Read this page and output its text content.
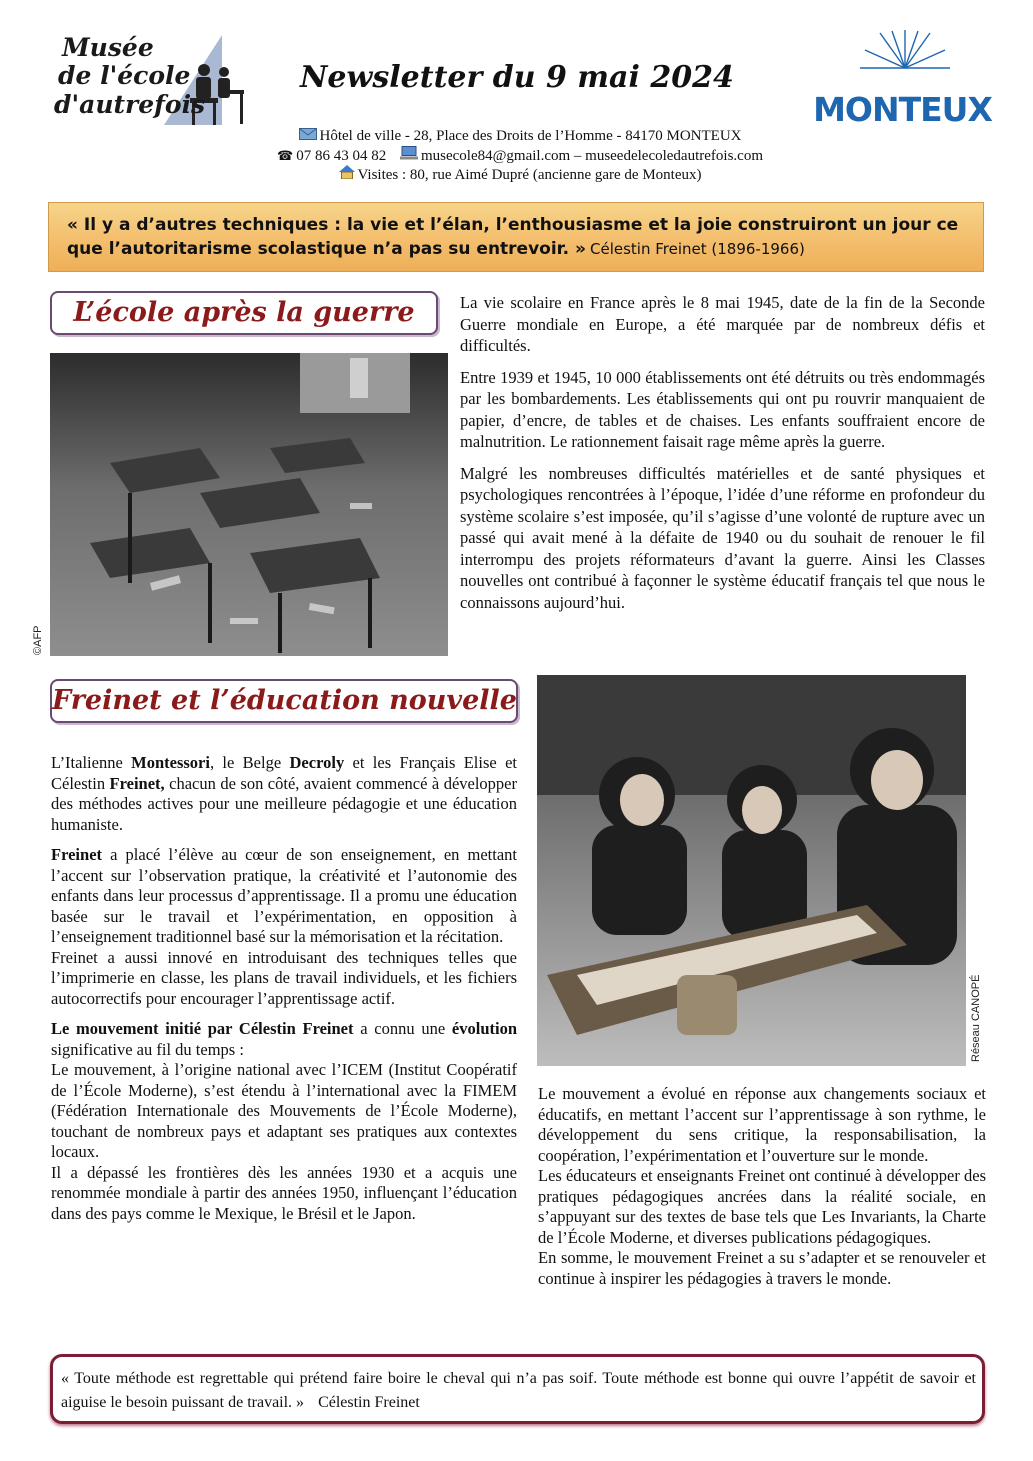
Musée
de l'école
d'autrefois
Newsletter du 9 mai 2024
MONTEUX
Hôtel de ville - 28, Place des Droits de l’Homme - 84170 MONTEUX
☎ 07 86 43 04 82 musecole84@gmail.com – museedelecoledautrefois.com
Visites : 80, rue Aimé Dupré (ancienne gare de Monteux)
« Il y a d’autres techniques : la vie et l’élan, l’enthousiasme et la joie construiront un jour ce que l’autoritarisme scolastique n’a pas su entrevoir. » Célestin Freinet (1896-1966)
L’école après la guerre
©AFP

La vie scolaire en France après le 8 mai 1945, date de la fin de la Seconde Guerre mondiale en Europe, a été marquée par de nombreux défis et difficultés.

Entre 1939 et 1945, 10 000 établissements ont été détruits ou très endommagés par les bombardements. Les établissements qui ont pu rouvrir manquaient de papier, d’encre, de tables et de chaises. Les enfants souffraient encore de malnutrition. Le rationnement faisait rage même après la guerre.

Malgré les nombreuses difficultés matérielles et de santé physiques et psychologiques rencontrées à l’époque, l’idée d’une réforme en profondeur du système scolaire s’est imposée, qu’il s’agisse d’une volonté de rupture avec un passé qui avait mené à la défaite de 1940 ou du souhait de renouer le fil interrompu des projets réformateurs d’avant la guerre. Ainsi les Classes nouvelles ont contribué à façonner le système éducatif français tel que nous le connaissons aujourd’hui.

Freinet et l’éducation nouvelle
Réseau CANOPÉ

L’Italienne Montessori, le Belge Decroly et les Français Elise et Célestin Freinet, chacun de son côté, avaient commencé à développer des méthodes actives pour une meilleure pédagogie et une éducation humaniste.

Freinet a placé l’élève au cœur de son enseignement, en mettant l’accent sur l’observation pratique, la créativité et l’autonomie des enfants dans leur processus d’apprentissage. Il a promu une éducation basée sur le travail et l’expérimentation, en opposition à l’enseignement traditionnel basé sur la mémorisation et la récitation.

Freinet a aussi innové en introduisant des techniques telles que l’imprimerie en classe, les plans de travail individuels, et les fichiers autocorrectifs pour encourager l’apprentissage actif.

Le mouvement initié par Célestin Freinet a connu une évolution significative au fil du temps :

Le mouvement, à l’origine national avec l’ICEM (Institut Coopératif de l’École Moderne), s’est étendu à l’international avec la FIMEM (Fédération Internationale des Mouvements de l’École Moderne), touchant de nombreux pays et adaptant ses pratiques aux contextes locaux.

Il a dépassé les frontières dès les années 1930 et a acquis une renommée mondiale à partir des années 1950, influençant l’éducation dans des pays comme le Mexique, le Brésil et le Japon.

Le mouvement a évolué en réponse aux changements sociaux et éducatifs, en mettant l’accent sur l’apprentissage à son rythme, le développement du sens critique, la responsabilisation, la coopération, l’expérimentation et l’ouverture sur le monde.

Les éducateurs et enseignants Freinet ont continué à développer des pratiques pédagogiques ancrées dans la réalité sociale, en s’appuyant sur des textes de base tels que Les Invariants, la Charte de l’École Moderne, et diverses publications pédagogiques.

En somme, le mouvement Freinet a su s’adapter et se renouveler et continue à inspirer les pédagogies à travers le monde.

« Toute méthode est regrettable qui prétend faire boire le cheval qui n’a pas soif. Toute méthode est bonne qui ouvre l’appétit de savoir et aiguise le besoin puissant de travail. » Célestin Freinet
